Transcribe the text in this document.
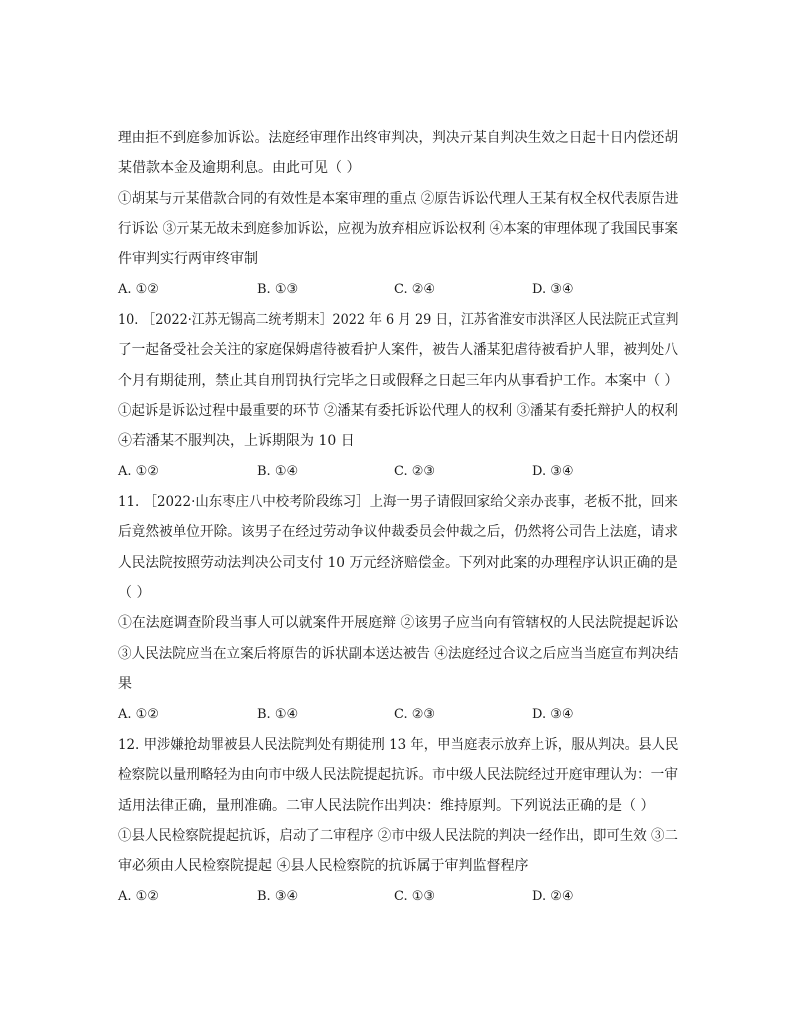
理由拒不到庭参加诉讼。法庭经审理作出终审判决，判决亓某自判决生效之日起十日内偿还胡
某借款本金及逾期利息。由此可见（ ）
①胡某与亓某借款合同的有效性是本案审理的重点 ②原告诉讼代理人王某有权全权代表原告进
行诉讼 ③亓某无故未到庭参加诉讼，应视为放弃相应诉讼权利 ④本案的审理体现了我国民事案
件审判实行两审终审制
A. ①②	B. ①③	C. ②④	D. ③④
10. ［2022·江苏无锡高二统考期末］2022 年 6 月 29 日，江苏省淮安市洪泽区人民法院正式宣判
了一起备受社会关注的家庭保姆虐待被看护人案件，被告人潘某犯虐待被看护人罪，被判处八
个月有期徒刑，禁止其自刑罚执行完毕之日或假释之日起三年内从事看护工作。本案中（ ）
①起诉是诉讼过程中最重要的环节 ②潘某有委托诉讼代理人的权利 ③潘某有委托辩护人的权利
④若潘某不服判决，上诉期限为 10 日
A. ①②	B. ①④	C. ②③	D. ③④
11. ［2022·山东枣庄八中校考阶段练习］上海一男子请假回家给父亲办丧事，老板不批，回来
后竟然被单位开除。该男子在经过劳动争议仲裁委员会仲裁之后，仍然将公司告上法庭，请求
人民法院按照劳动法判决公司支付 10 万元经济赔偿金。下列对此案的办理程序认识正确的是
（ ）
①在法庭调查阶段当事人可以就案件开展庭辩 ②该男子应当向有管辖权的人民法院提起诉讼
③人民法院应当在立案后将原告的诉状副本送达被告 ④法庭经过合议之后应当当庭宣布判决结
果
A. ①②	B. ①④	C. ②③	D. ③④
12. 甲涉嫌抢劫罪被县人民法院判处有期徒刑 13 年，甲当庭表示放弃上诉，服从判决。县人民
检察院以量刑略轻为由向市中级人民法院提起抗诉。市中级人民法院经过开庭审理认为：一审
适用法律正确，量刑准确。二审人民法院作出判决：维持原判。下列说法正确的是（ ）
①县人民检察院提起抗诉，启动了二审程序 ②市中级人民法院的判决一经作出，即可生效 ③二
审必须由人民检察院提起 ④县人民检察院的抗诉属于审判监督程序
A. ①②	B. ③④	C. ①③	D. ②④
